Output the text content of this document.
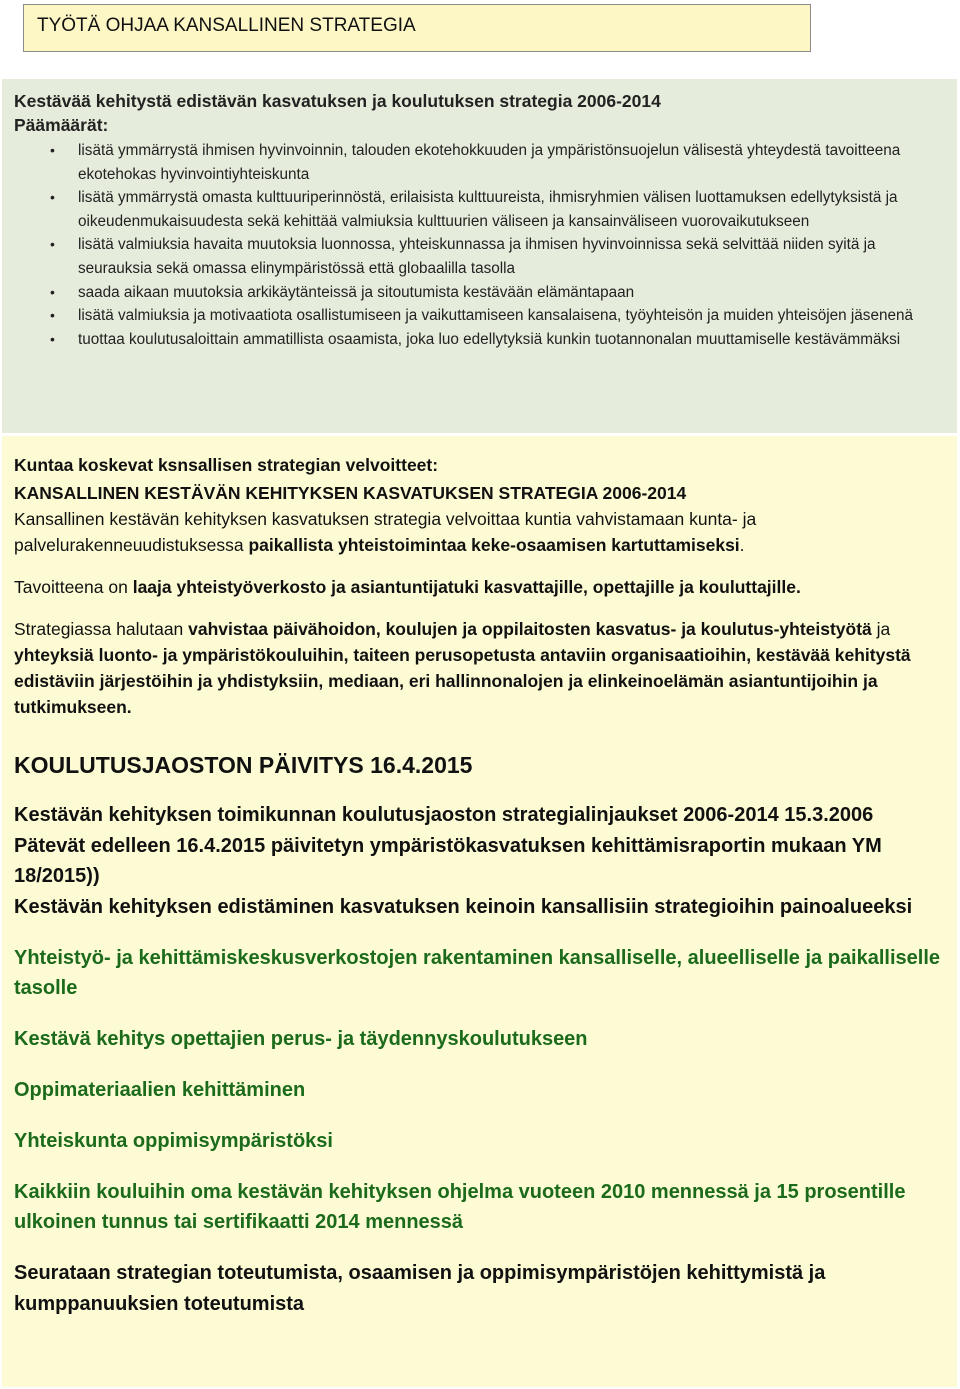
TYÖTÄ OHJAA KANSALLINEN STRATEGIA
Kestävää kehitystä edistävän kasvatuksen ja koulutuksen strategia 2006-2014
Päämäärät:
• lisätä ymmärrystä ihmisen hyvinvoinnin, talouden ekotehokkuuden ja ympäristönsuojelun välisestä yhteydestä tavoitteena ekotehokas hyvinvointiyhteiskunta
• lisätä ymmärrystä omasta kulttuuriperinnöstä, erilaisista kulttuureista, ihmisryhmien välisen luottamuksen edellytyksistä ja oikeudenmukaisuudesta sekä kehittää valmiuksia kulttuurien väliseen ja kansainväliseen vuorovaikutukseen
• lisätä valmiuksia havaita muutoksia luonnossa, yhteiskunnassa ja ihmisen hyvinvoinnissa sekä selvittää niiden syitä ja seurauksia sekä omassa elinympäristössä että globaalilla tasolla
• saada aikaan muutoksia arkikäytänteissä ja sitoutumista kestävään elämäntapaan
• lisätä valmiuksia ja motivaatiota osallistumiseen ja vaikuttamiseen kansalaisena, työyhteisön ja muiden yhteisöjen jäsenenä
• tuottaa koulutusaloittain ammatillista osaamista, joka luo edellytyksiä kunkin tuotannonalan muuttamiselle kestävämmäksi

Kuntaa koskevat ksnsallisen strategian velvoitteet:

KANSALLINEN KESTÄVÄN KEHITYKSEN KASVATUKSEN STRATEGIA 2006-2014

Kansallinen kestävän kehityksen kasvatuksen strategia velvoittaa kuntia vahvistamaan kunta- ja palvelurakenneuudistuksessa paikallista yhteistoimintaa keke-osaamisen kartuttamiseksi.

Tavoitteena on laaja yhteistyöverkosto ja asiantuntijatuki kasvattajille, opettajille ja kouluttajille.

Strategiassa halutaan vahvistaa päivähoidon, koulujen ja oppilaitosten kasvatus- ja koulutus-yhteistyötä ja yhteyksiä luonto- ja ympäristökouluihin, taiteen perusopetusta antaviin organisaatioihin, kestävää kehitystä edistäviin järjestöihin ja yhdistyksiin, mediaan, eri hallinnonalojen ja elinkeinoelämän asiantuntijoihin ja tutkimukseen.

KOULUTUSJAOSTON PÄIVITYS 16.4.2015

Kestävän kehityksen toimikunnan koulutusjaoston strategialinjaukset 2006-2014 15.3.2006

Pätevät edelleen 16.4.2015 päivitetyn ympäristökasvatuksen kehittämisraportin mukaan YM 18/2015))

Kestävän kehityksen edistäminen kasvatuksen keinoin kansallisiin strategioihin painoalueeksi

Yhteistyö- ja kehittämiskeskusverkostojen rakentaminen kansalliselle, alueelliselle ja paikalliselle tasolle

Kestävä kehitys opettajien perus- ja täydennyskoulutukseen

Oppimateriaalien kehittäminen

Yhteiskunta oppimisympäristöksi

Kaikkiin kouluihin oma kestävän kehityksen ohjelma vuoteen 2010 mennessä ja 15 prosentille ulkoinen tunnus tai sertifikaatti 2014 mennessä

Seurataan strategian toteutumista, osaamisen ja oppimisympäristöjen kehittymistä ja kumppanuuksien toteutumista
